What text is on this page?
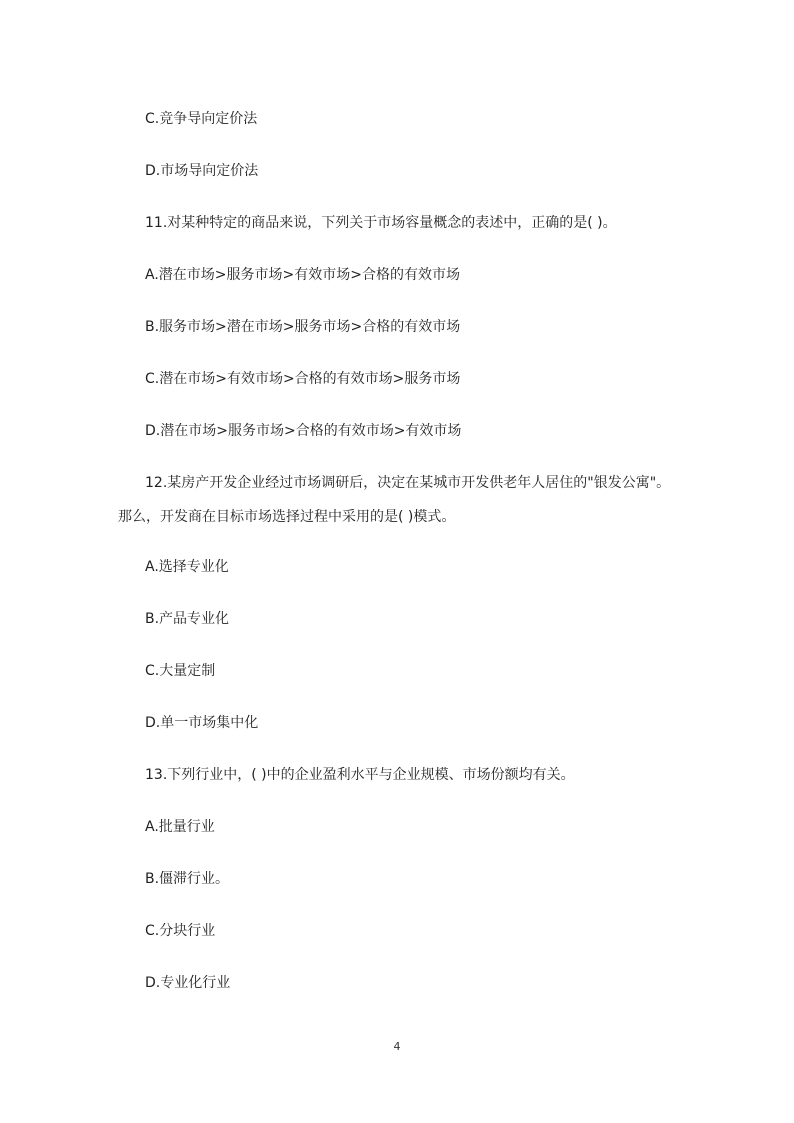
C.竞争导向定价法
D.市场导向定价法
11.对某种特定的商品来说，下列关于市场容量概念的表述中，正确的是( )。
A.潜在市场>服务市场>有效市场>合格的有效市场
B.服务市场>潜在市场>服务市场>合格的有效市场
C.潜在市场>有效市场>合格的有效市场>服务市场
D.潜在市场>服务市场>合格的有效市场>有效市场
12.某房产开发企业经过市场调研后，决定在某城市开发供老年人居住的"银发公寓"。
那么，开发商在目标市场选择过程中采用的是( )模式。
A.选择专业化
B.产品专业化
C.大量定制
D.单一市场集中化
13.下列行业中，( )中的企业盈利水平与企业规模、市场份额均有关。
A.批量行业
B.僵滞行业。
C.分块行业
D.专业化行业
4
